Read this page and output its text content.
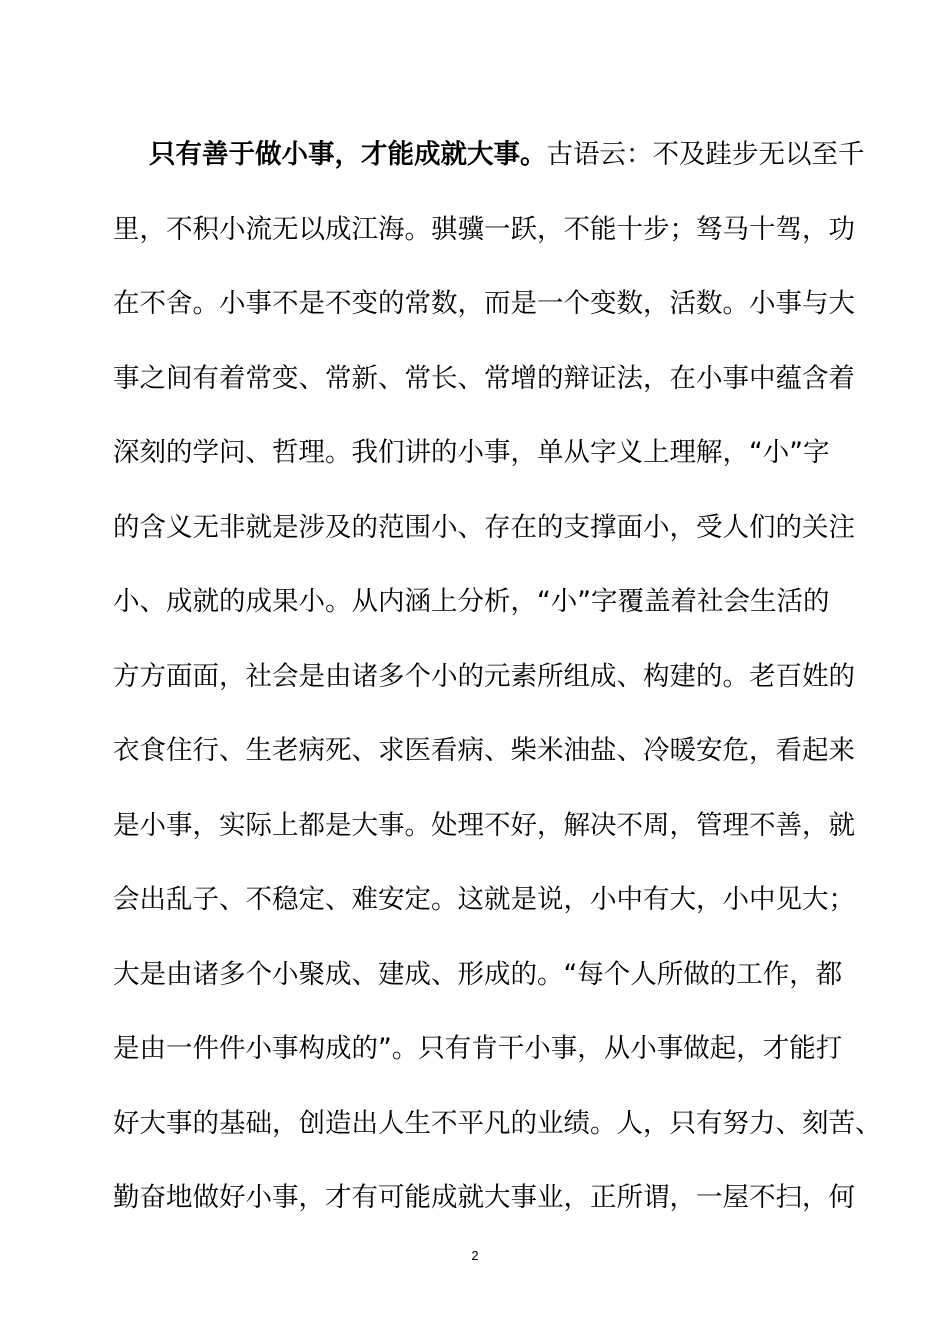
只有善于做小事，才能成就大事。古语云：不及跬步无以至千
里，不积小流无以成江海。骐骥一跃，不能十步；驽马十驾，功
在不舍。小事不是不变的常数，而是一个变数，活数。小事与大
事之间有着常变、常新、常长、常增的辩证法，在小事中蕴含着
深刻的学问、哲理。我们讲的小事，单从字义上理解，“小”字
的含义无非就是涉及的范围小、存在的支撑面小，受人们的关注
小、成就的成果小。从内涵上分析，“小”字覆盖着社会生活的
方方面面，社会是由诸多个小的元素所组成、构建的。老百姓的
衣食住行、生老病死、求医看病、柴米油盐、冷暖安危，看起来
是小事，实际上都是大事。处理不好，解决不周，管理不善，就
会出乱子、不稳定、难安定。这就是说，小中有大，小中见大；
大是由诸多个小聚成、建成、形成的。“每个人所做的工作，都
是由一件件小事构成的”。只有肯干小事，从小事做起，才能打
好大事的基础，创造出人生不平凡的业绩。人，只有努力、刻苦、
勤奋地做好小事，才有可能成就大事业，正所谓，一屋不扫，何
2
